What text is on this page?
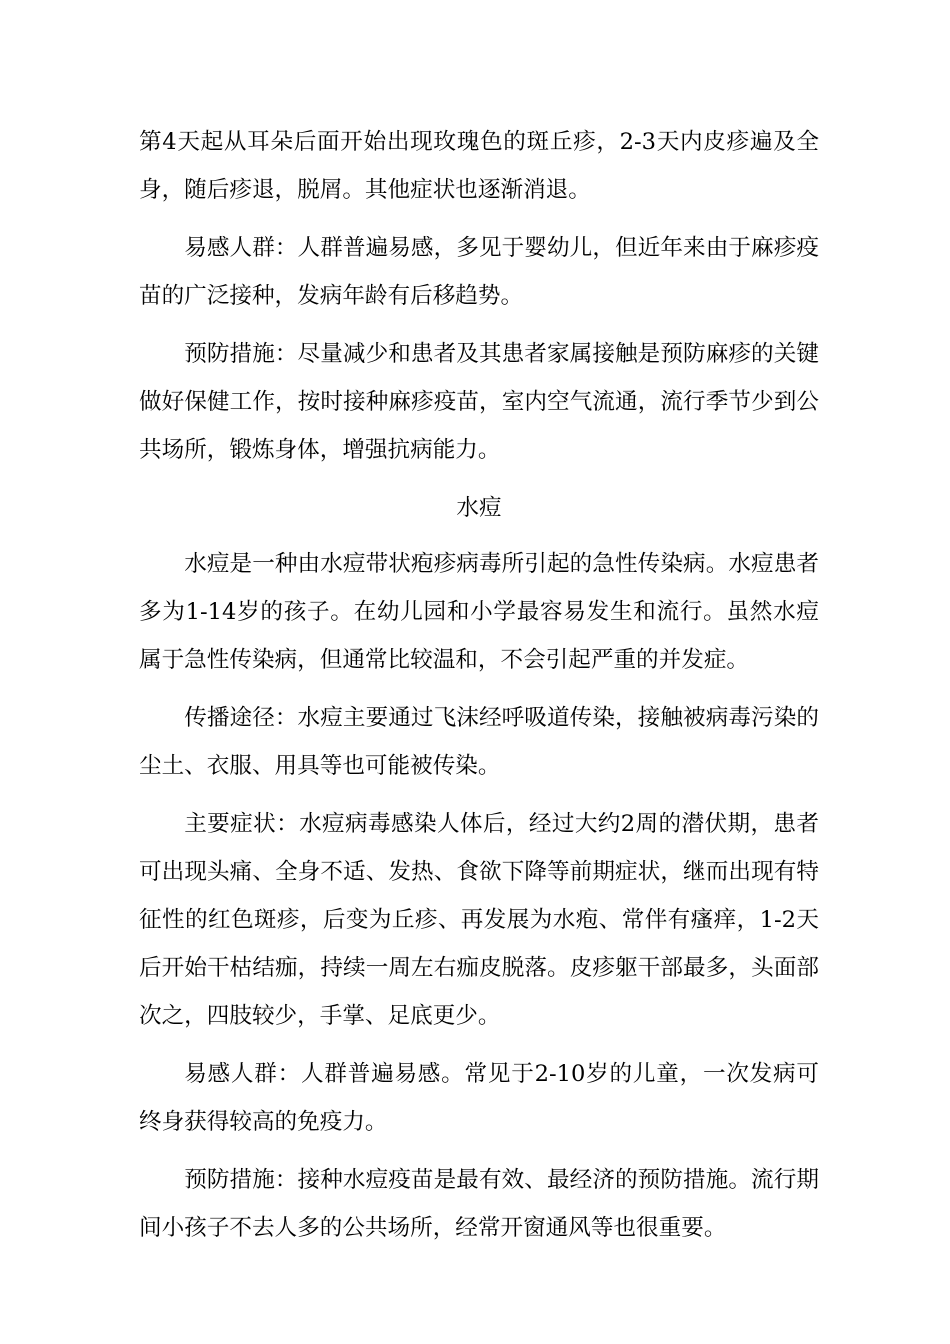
第4天起从耳朵后面开始出现玫瑰色的斑丘疹，2-3天内皮疹遍及全身，随后疹退，脱屑。其他症状也逐渐消退。

易感人群：人群普遍易感，多见于婴幼儿，但近年来由于麻疹疫苗的广泛接种，发病年龄有后移趋势。

预防措施：尽量减少和患者及其患者家属接触是预防麻疹的关键做好保健工作，按时接种麻疹疫苗，室内空气流通，流行季节少到公共场所，锻炼身体，增强抗病能力。

水痘

水痘是一种由水痘带状疱疹病毒所引起的急性传染病。水痘患者多为1-14岁的孩子。在幼儿园和小学最容易发生和流行。虽然水痘属于急性传染病，但通常比较温和，不会引起严重的并发症。

传播途径：水痘主要通过飞沫经呼吸道传染，接触被病毒污染的尘土、衣服、用具等也可能被传染。

主要症状：水痘病毒感染人体后，经过大约2周的潜伏期，患者可出现头痛、全身不适、发热、食欲下降等前期症状，继而出现有特征性的红色斑疹，后变为丘疹、再发展为水疱、常伴有瘙痒，1-2天后开始干枯结痂，持续一周左右痂皮脱落。皮疹躯干部最多，头面部次之，四肢较少，手掌、足底更少。

易感人群：人群普遍易感。常见于2-10岁的儿童，一次发病可终身获得较高的免疫力。

预防措施：接种水痘疫苗是最有效、最经济的预防措施。流行期间小孩子不去人多的公共场所，经常开窗通风等也很重要。
